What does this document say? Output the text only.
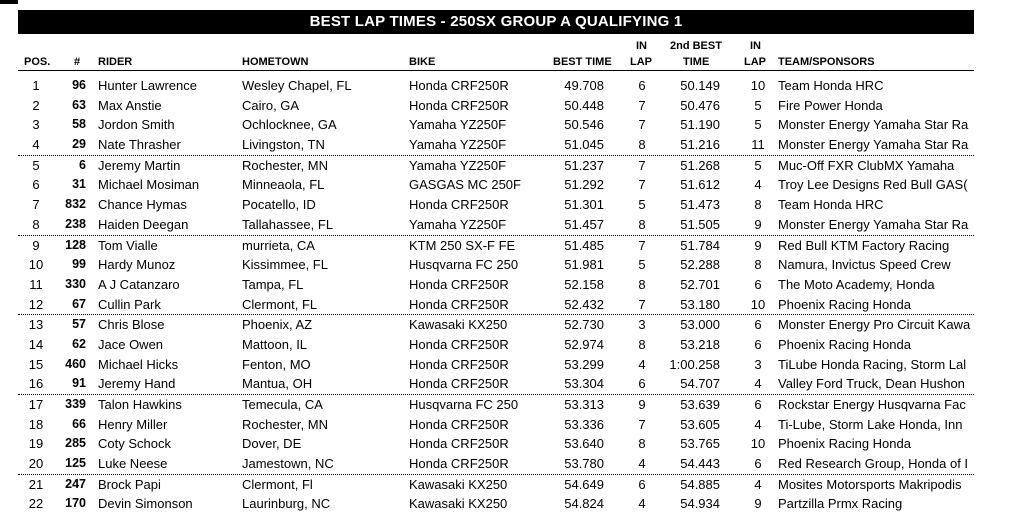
BEST LAP TIMES - 250SX GROUP A QUALIFYING 1
POS. # RIDER	HOMETOWN	BIKE	BEST TIME
IN
LAP
2nd BEST
TIME
IN
LAP TEAM/SPONSORS
1	96 Hunter Lawrence	Wesley Chapel, FL	Honda CRF250R	49.708	6	50.149	10 Team Honda HRC
2	63 Max Anstie	Cairo, GA	Honda CRF250R	50.448	7	50.476	5	Fire Power Honda
3	58 Jordon Smith	Ochlocknee, GA	Yamaha YZ250F	50.546	7	51.190	5	Monster Energy Yamaha Star Ra
4	29 Nate Thrasher	Livingston, TN	Yamaha YZ250F	51.045	8	51.216	11	Monster Energy Yamaha Star Ra
5	6 Jeremy Martin	Rochester, MN	Yamaha YZ250F	51.237	7	51.268	5	Muc-Off FXR ClubMX Yamaha
6	31 Michael Mosiman	Minneaola, FL	GASGAS MC 250F	51.292	7	51.612	4	Troy Lee Designs Red Bull GAS(
7	832 Chance Hymas	Pocatello, ID	Honda CRF250R	51.301	5	51.473	8	Team Honda HRC
8	238 Haiden Deegan	Tallahassee, FL	Yamaha YZ250F	51.457	8	51.505	9	Monster Energy Yamaha Star Ra
9	128 Tom Vialle	murrieta, CA	KTM 250 SX-F FE	51.485	7	51.784	9	Red Bull KTM Factory Racing
10	99 Hardy Munoz	Kissimmee, FL	Husqvarna FC 250	51.981	5	52.288	8	Namura, Invictus Speed Crew
11	330 A J Catanzaro	Tampa, FL	Honda CRF250R	52.158	8	52.701	6	The Moto Academy, Honda
12	67 Cullin Park	Clermont, FL	Honda CRF250R	52.432	7	53.180	10 Phoenix Racing Honda
13	57 Chris Blose	Phoenix, AZ	Kawasaki KX250	52.730	3	53.000	6	Monster Energy Pro Circuit Kawa
14	62 Jace Owen	Mattoon, IL	Honda CRF250R	52.974	8	53.218	6	Phoenix Racing Honda
15	460 Michael Hicks	Fenton, MO	Honda CRF250R	53.299	4	1:00.258	3	TiLube Honda Racing, Storm Lal
16	91 Jeremy Hand	Mantua, OH	Honda CRF250R	53.304	6	54.707	4	Valley Ford Truck, Dean Hushon
17	339 Talon Hawkins	Temecula, CA	Husqvarna FC 250	53.313	9	53.639	6	Rockstar Energy Husqvarna Fac
18	66 Henry Miller	Rochester, MN	Honda CRF250R	53.336	7	53.605	4	Ti-Lube, Storm Lake Honda, Inn
19	285 Coty Schock	Dover, DE	Honda CRF250R	53.640	8	53.765	10 Phoenix Racing Honda
20	125 Luke Neese	Jamestown, NC	Honda CRF250R	53.780	4	54.443	6	Red Research Group, Honda of I
21	247 Brock Papi	Clermont, Fl	Kawasaki KX250	54.649	6	54.885	4	Mosites Motorsports Makripodis
22	170 Devin Simonson	Laurinburg, NC	Kawasaki KX250	54.824	4	54.934	9	Partzilla Prmx Racing
